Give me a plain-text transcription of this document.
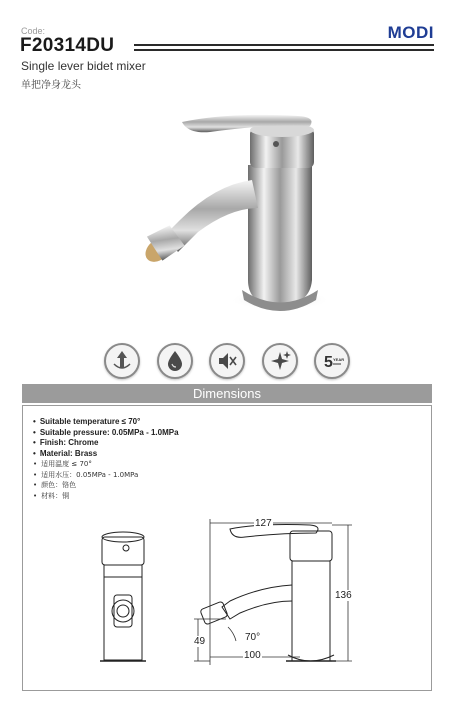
Code:
F20314DU
MODI
Single lever bidet mixer
单把净身龙头
5 YEAR
Dimensions
• Suitable temperature ≤ 70°
• Suitable pressure: 0.05MPa - 1.0MPa
• Finish: Chrome
• Material: Brass
• 适用温度 ≤ 70°
• 适用水压：0.05MPa - 1.0MPa
• 颜色：铬色
• 材料：铜
127
136
49	70°
100
